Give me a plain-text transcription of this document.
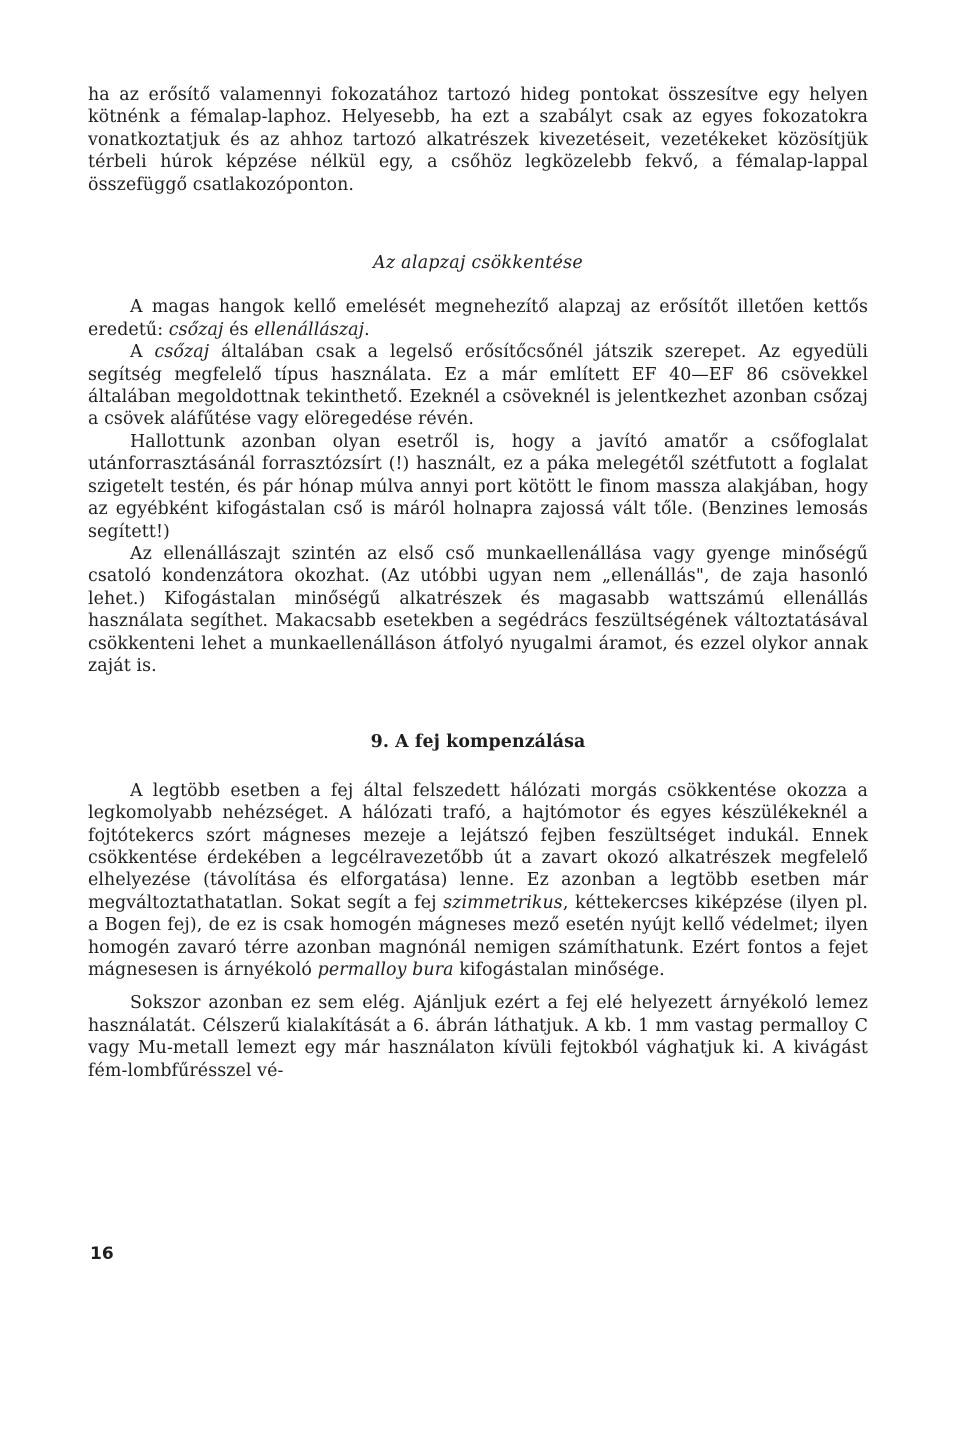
ha az erősítő valamennyi fokozatához tartozó hideg pontokat összesítve egy helyen kötnénk a fémalap-laphoz. Helyesebb, ha ezt a szabályt csak az egyes fokozatokra vonatkoztatjuk és az ahhoz tartozó alkatrészek kivezetéseit, vezetékeket közösítjük térbeli húrok képzése nélkül egy, a csőhöz legközelebb fekvő, a fémalap-lappal összefüggő csatlakozóponton.

Az alapzaj csökkentése

A magas hangok kellő emelését megnehezítő alapzaj az erősítőt illetően kettős eredetű: csőzaj és ellenállászaj.

A csőzaj általában csak a legelső erősítőcsőnél játszik szerepet. Az egyedüli segítség megfelelő típus használata. Ez a már említett EF 40—EF 86 csövekkel általában megoldottnak tekinthető. Ezeknél a csöveknél is jelentkezhet azonban csőzaj a csövek aláfűtése vagy elöregedése révén.

Hallottunk azonban olyan esetről is, hogy a javító amatőr a csőfoglalat utánforrasztásánál forrasztózsírt (!) használt, ez a páka melegétől szétfutott a foglalat szigetelt testén, és pár hónap múlva annyi port kötött le finom massza alakjában, hogy az egyébként kifogástalan cső is máról holnapra zajossá vált tőle. (Benzines lemosás segített!)

Az ellenállászajt szintén az első cső munkaellenállása vagy gyenge minőségű csatoló kondenzátora okozhat. (Az utóbbi ugyan nem „ellenállás", de zaja hasonló lehet.) Kifogástalan minőségű alkatrészek és magasabb wattszámú ellenállás használata segíthet. Makacsabb esetekben a segédrács feszültségének változtatásával csökkenteni lehet a munkaellenálláson átfolyó nyugalmi áramot, és ezzel olykor annak zaját is.

9. A fej kompenzálása

A legtöbb esetben a fej által felszedett hálózati morgás csökkentése okozza a legkomolyabb nehézséget. A hálózati trafó, a hajtómotor és egyes készülékeknél a fojtótekercs szórt mágneses mezeje a lejátszó fejben feszültséget indukál. Ennek csökkentése érdekében a legcélravezetőbb út a zavart okozó alkatrészek megfelelő elhelyezése (távolítása és elforgatása) lenne. Ez azonban a legtöbb esetben már megváltoztathatatlan. Sokat segít a fej szimmetrikus, kéttekercses kiképzése (ilyen pl. a Bogen fej), de ez is csak homogén mágneses mező esetén nyújt kellő védelmet; ilyen homogén zavaró térre azonban magnónál nemigen számíthatunk. Ezért fontos a fejet mágnesesen is árnyékoló permalloy bura kifogástalan minősége.

Sokszor azonban ez sem elég. Ajánljuk ezért a fej elé helyezett árnyékoló lemez használatát. Célszerű kialakítását a 6. ábrán láthatjuk. A kb. 1 mm vastag permalloy C vagy Mu-metall lemezt egy már használaton kívüli fejtokból vághatjuk ki. A kivágást fém-lombfűrésszel vé-

16
